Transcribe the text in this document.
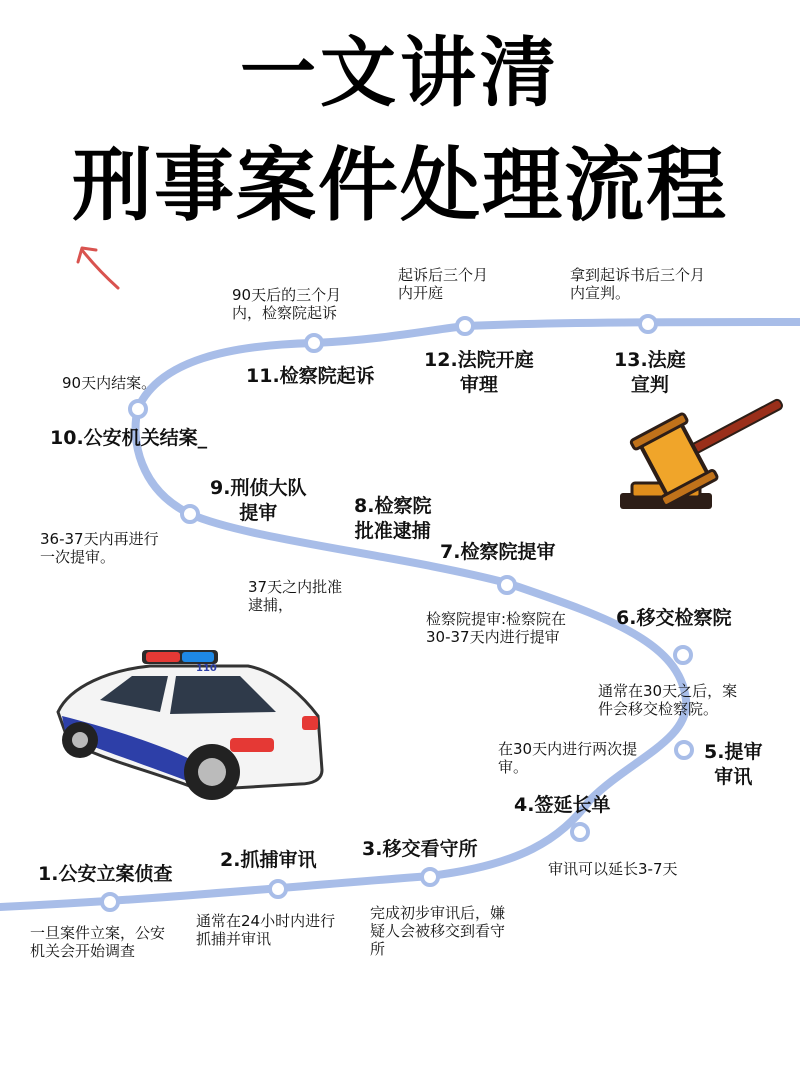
一文讲清
刑事案件处理流程
110
1.公安立案侦查
一旦案件立案，公安
机关会开始调查
2.抓捕审讯
通常在24小时内进行
抓捕并审讯
3.移交看守所
完成初步审讯后，嫌
疑人会被移交到看守
所
4.签延长单
审讯可以延长3-7天
5.提审
审讯
在30天内进行两次提
审。
6.移交检察院
通常在30天之后，案
件会移交检察院。
7.检察院提审
检察院提审:检察院在
30-37天内进行提审
8.检察院
批准逮捕
37天之内批准
逮捕，
9.刑侦大队
提审
36-37天内再进行
一次提审。
10.公安机关结案_
90天内结案。	11.检察院起诉
90天后的三个月
内，检察院起诉
12.法院开庭
审理
起诉后三个月
内开庭
13.法庭
宣判
拿到起诉书后三个月
内宣判。
